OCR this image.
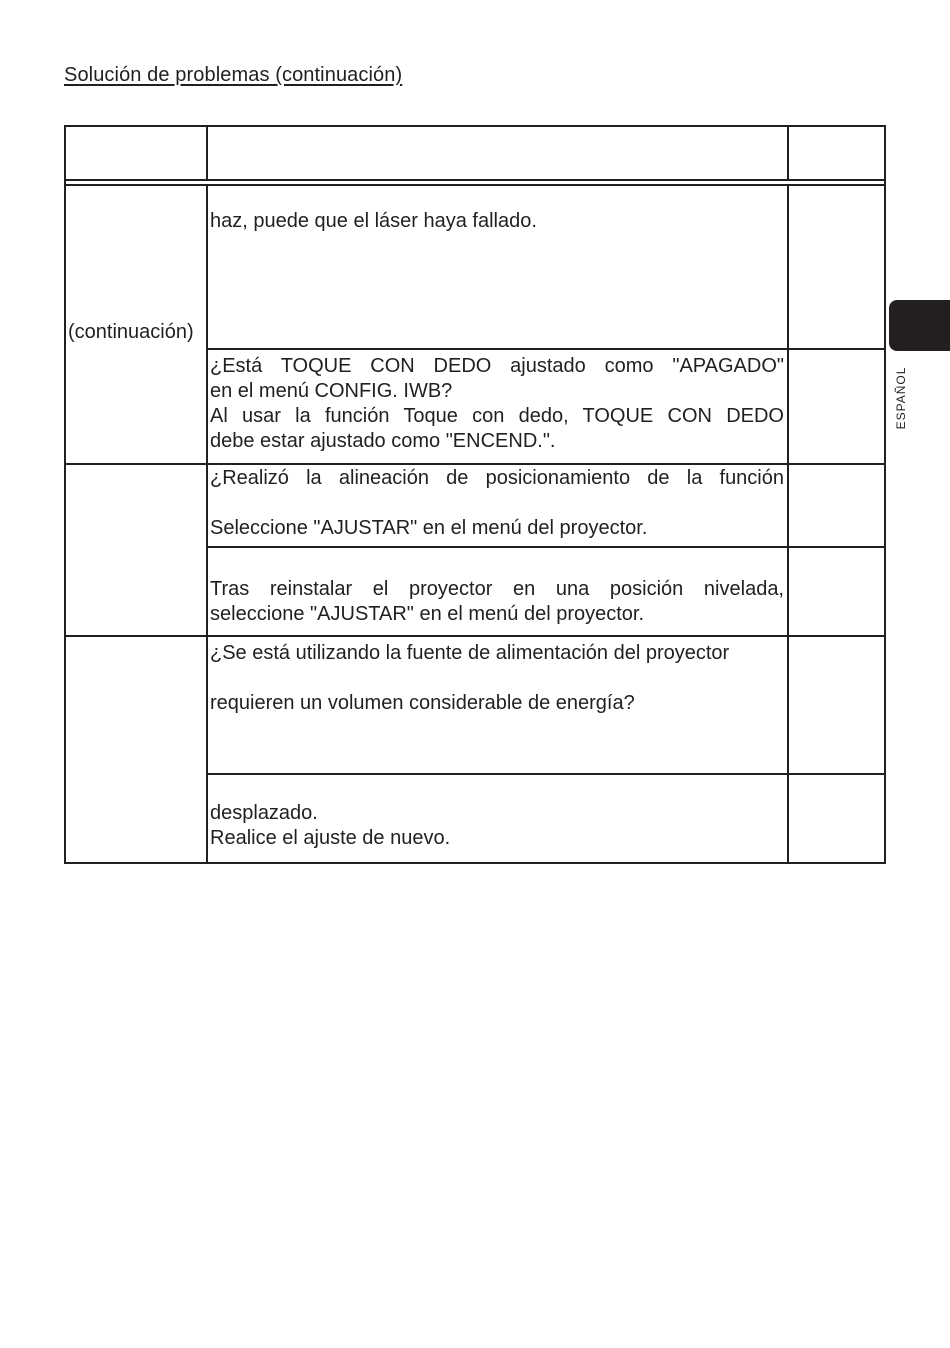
Solución de problemas (continuación)
ESPAÑOL
(continuación)
haz, puede que el láser haya fallado.
¿Está TOQUE CON DEDO ajustado como "APAGADO"
en el menú CONFIG. IWB?
Al usar la función Toque con dedo, TOQUE CON DEDO
debe estar ajustado como "ENCEND.".
¿Realizó la alineación de posicionamiento de la función
Seleccione "AJUSTAR" en el menú del proyector.
Tras reinstalar el proyector en una posición nivelada,
seleccione "AJUSTAR" en el menú del proyector.
¿Se está utilizando la fuente de alimentación del proyector
requieren un volumen considerable de energía?
desplazado.
Realice el ajuste de nuevo.
